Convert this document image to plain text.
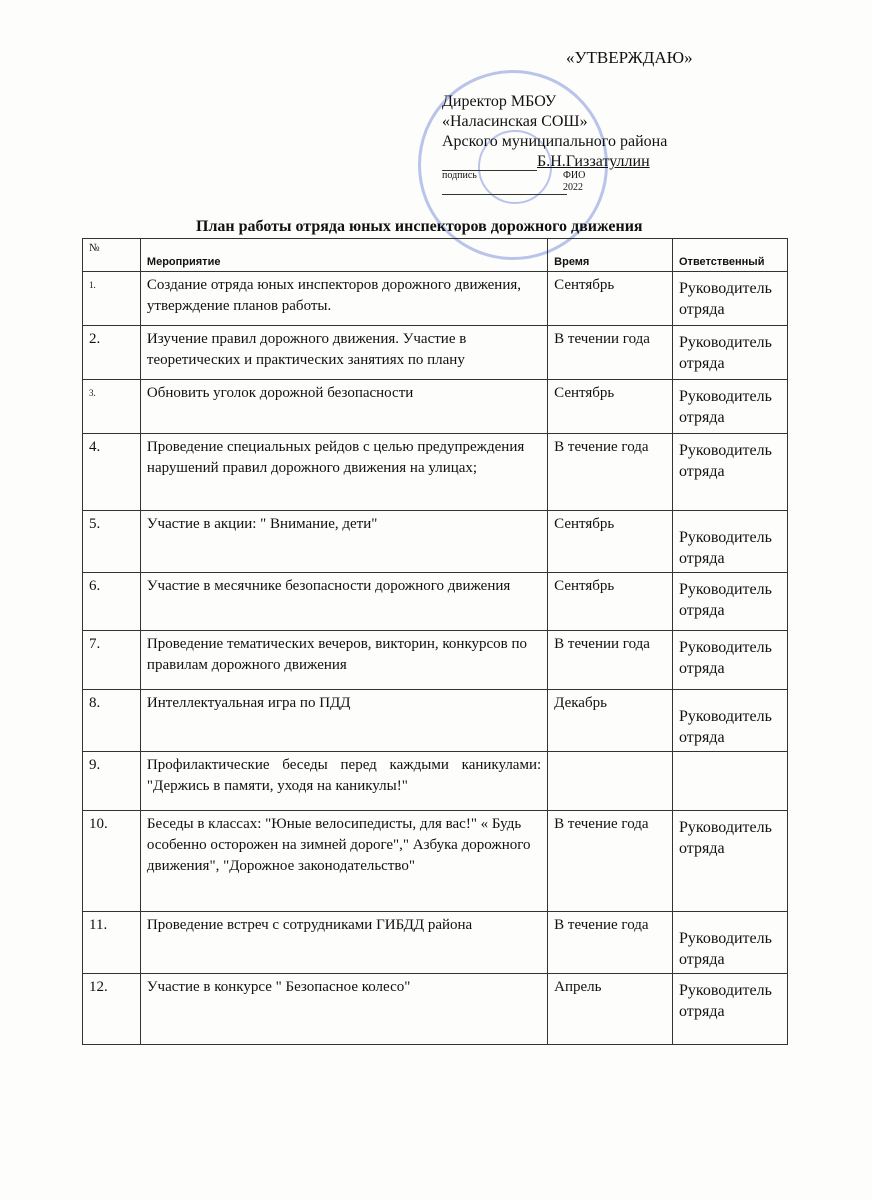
«УТВЕРЖДАЮ»
Директор МБОУ
«Наласинская СОШ»
Арского муниципального района
Б.Н.Гиззатуллин
подпись	ФИО
2022
План работы отряда юных инспекторов дорожного движения
№	Мероприятие	Время	Ответственный
1.	Создание отряда юных инспекторов дорожного движения, утверждение планов работы.	Сентябрь	Руководитель отряда
2.	Изучение правил дорожного движения. Участие в теоретических и практических занятиях по плану	В течении года	Руководитель отряда
3.	Обновить уголок дорожной безопасности	Сентябрь	Руководитель отряда
4.	Проведение специальных рейдов с целью предупреждения нарушений правил дорожного движения на улицах;	В течение года	Руководитель отряда
5.	Участие в акции: " Внимание, дети"	Сентябрь	Руководитель отряда
6.	Участие в месячнике безопасности дорожного движения	Сентябрь	Руководитель отряда
7.	Проведение тематических вечеров, викторин, конкурсов по правилам дорожного движения	В течении года	Руководитель отряда
8.	Интеллектуальная игра по ПДД	Декабрь	Руководитель отряда
9.	Профилактические беседы перед каждыми каникулами: "Держись в памяти, уходя на каникулы!"		
10.	Беседы в классах: "Юные велосипедисты, для вас!" « Будь особенно осторожен на зимней дороге"," Азбука дорожного движения", "Дорожное законодательство"	В течение года	Руководитель отряда
11.	Проведение встреч с сотрудниками ГИБДД района	В течение года	Руководитель отряда
12.	Участие в конкурсе " Безопасное колесо"	Апрель	Руководитель отряда
